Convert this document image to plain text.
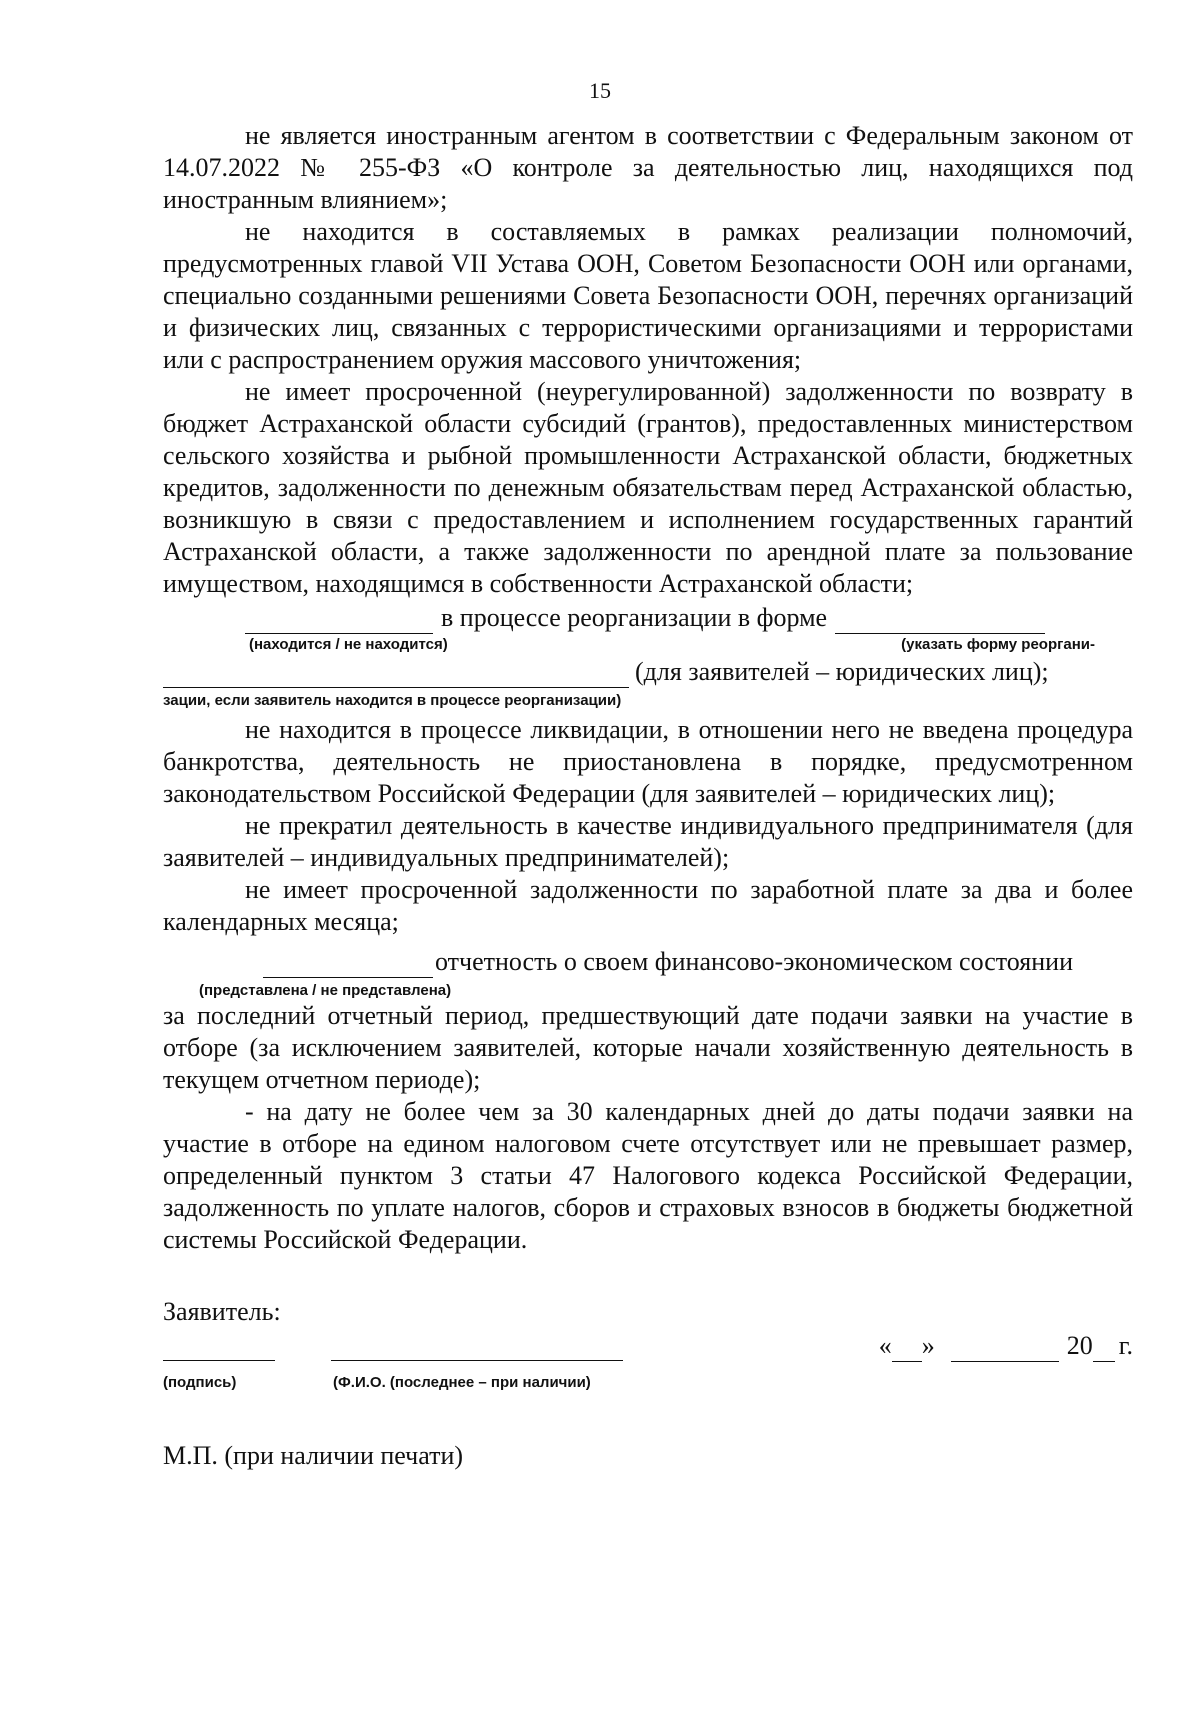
15

не является иностранным агентом в соответствии с Федеральным законом от 14.07.2022 № 255-ФЗ «О контроле за деятельностью лиц, находящихся под иностранным влиянием»;

не находится в составляемых в рамках реализации полномочий, предусмотренных главой VII Устава ООН, Советом Безопасности ООН или органами, специально созданными решениями Совета Безопасности ООН, перечнях организаций и физических лиц, связанных с террористическими организациями и террористами или с распространением оружия массового уничтожения;

не имеет просроченной (неурегулированной) задолженности по возврату в бюджет Астраханской области субсидий (грантов), предоставленных министерством сельского хозяйства и рыбной промышленности Астраханской области, бюджетных кредитов, задолженности по денежным обязательствам перед Астраханской областью, возникшую в связи с предоставлением и исполнением государственных гарантий Астраханской области, а также задолженности по арендной плате за пользование имуществом, находящимся в собственности Астраханской области;

в процессе реорганизации в форме
(находится / не находится)	(указать форму реоргани-
(для заявителей – юридических лиц);
зации, если заявитель находится в процессе реорганизации)

не находится в процессе ликвидации, в отношении него не введена процедура банкротства, деятельность не приостановлена в порядке, предусмотренном законодательством Российской Федерации (для заявителей – юридических лиц);

не прекратил деятельность в качестве индивидуального предпринимателя (для заявителей – индивидуальных предпринимателей);

не имеет просроченной задолженности по заработной плате за два и более календарных месяца;

отчетность о своем финансово-экономическом состоянии
(представлена / не представлена)

за последний отчетный период, предшествующий дате подачи заявки на участие в отборе (за исключением заявителей, которые начали хозяйственную деятельность в текущем отчетном периоде);

- на дату не более чем за 30 календарных дней до даты подачи заявки на участие в отборе на едином налоговом счете отсутствует или не превышает размер, определенный пунктом 3 статьи 47 Налогового кодекса Российской Федерации, задолженность по уплате налогов, сборов и страховых взносов в бюджеты бюджетной системы Российской Федерации.

Заявитель:
« »	20 г.
(подпись)	(Ф.И.О. (последнее – при наличии)
М.П. (при наличии печати)
